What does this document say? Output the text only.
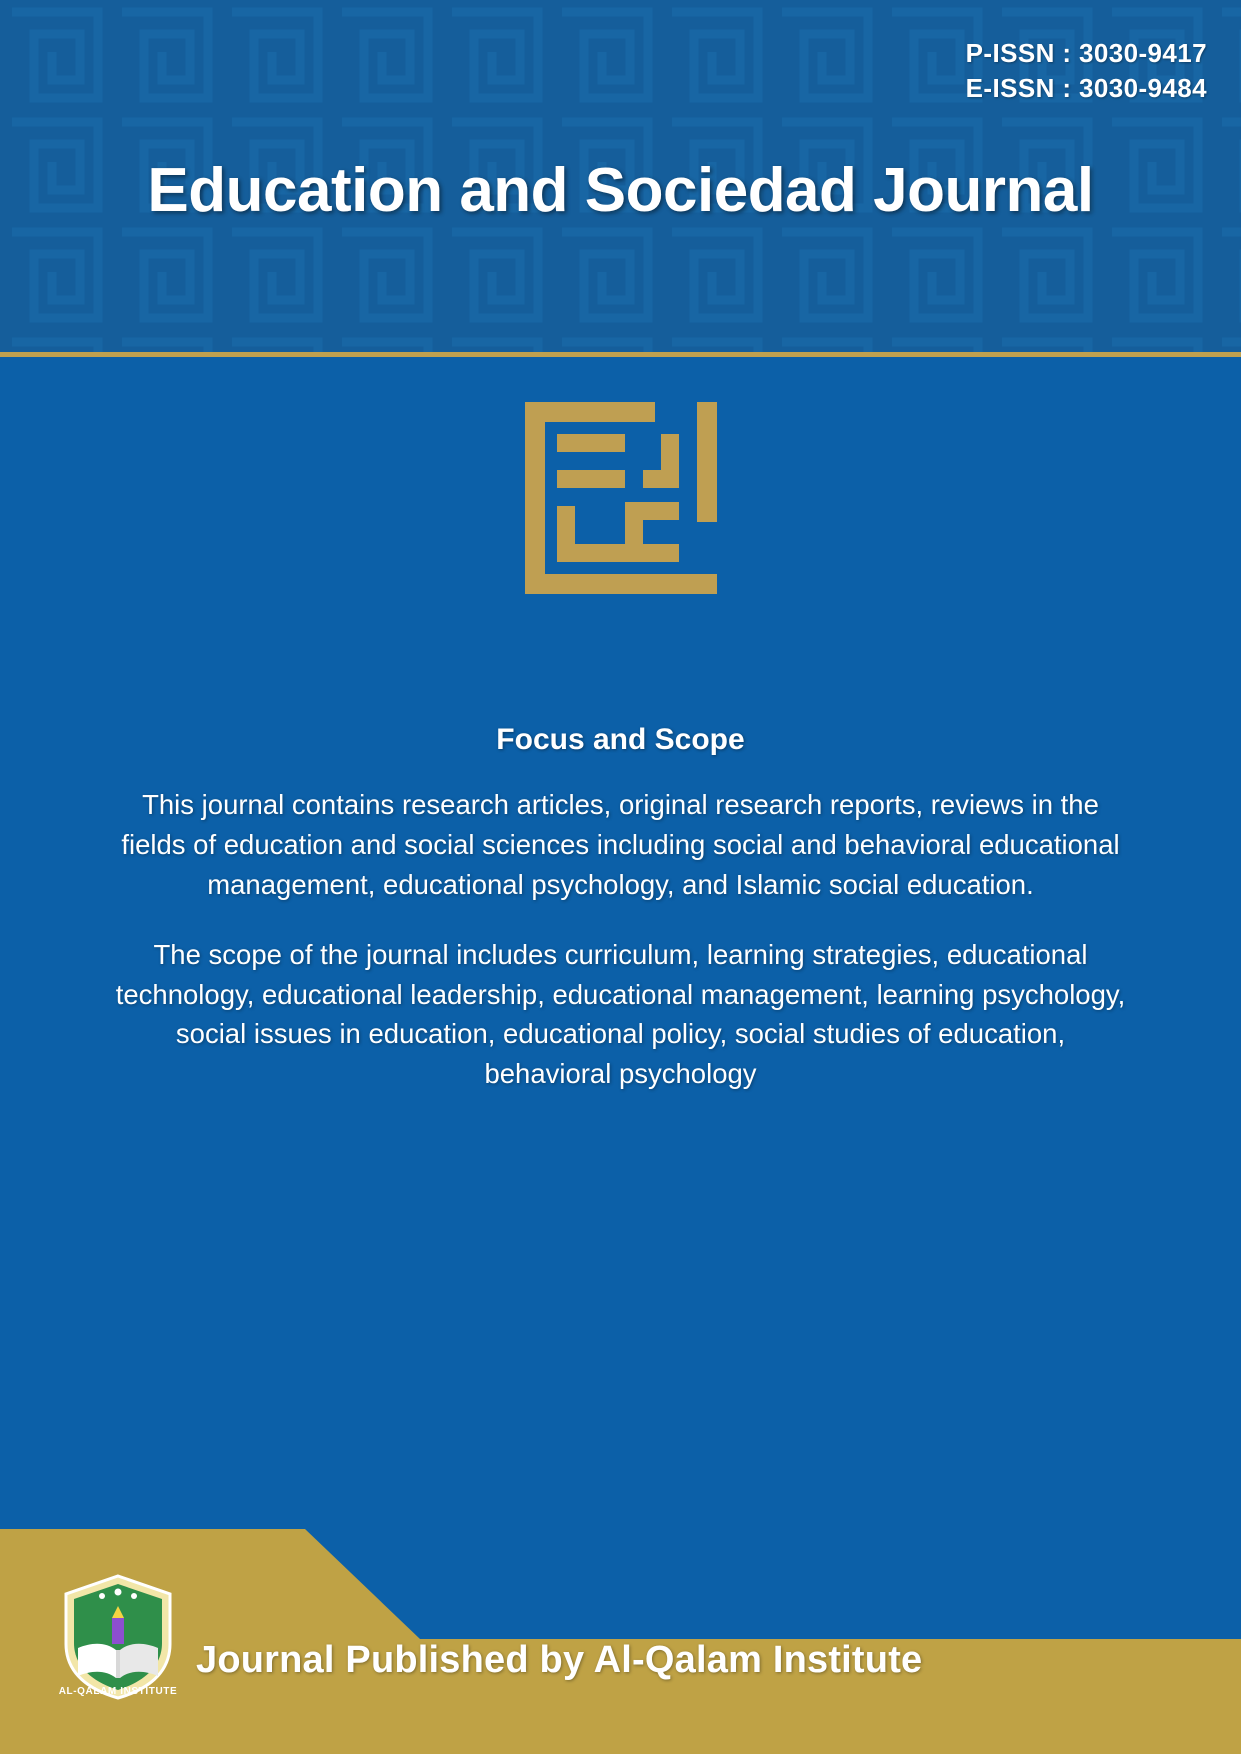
P-ISSN : 3030-9417
E-ISSN : 3030-9484
Education and Sociedad Journal
Focus and Scope

This journal contains research articles, original research reports, reviews in the fields of education and social sciences including social and behavioral educational management, educational psychology, and Islamic social education.

The scope of the journal includes curriculum, learning strategies, educational technology, educational leadership, educational management, learning psychology, social issues in education, educational policy, social studies of education, behavioral psychology

AL-QALAM INSTITUTE
Journal Published by Al-Qalam Institute
